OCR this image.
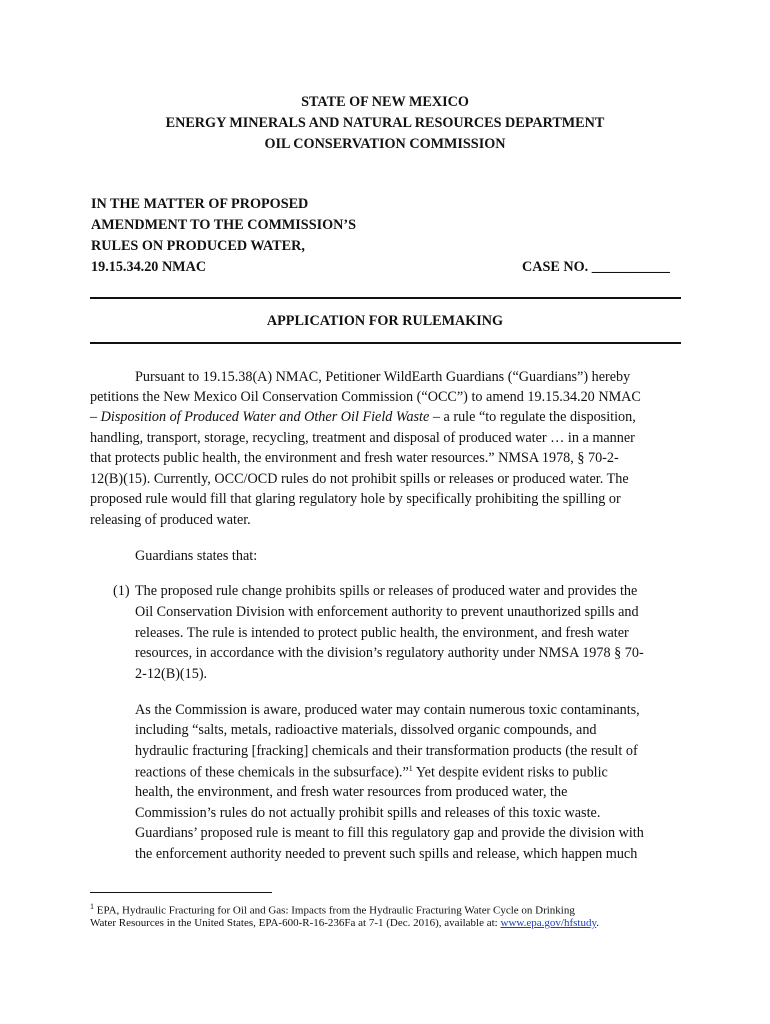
STATE OF NEW MEXICO
ENERGY MINERALS AND NATURAL RESOURCES DEPARTMENT
OIL CONSERVATION COMMISSION
IN THE MATTER OF PROPOSED
AMENDMENT TO THE COMMISSION’S
RULES ON PRODUCED WATER,
19.15.34.20 NMAC	CASE NO. ___________
APPLICATION FOR RULEMAKING
Pursuant to 19.15.38(A) NMAC, Petitioner WildEarth Guardians (“Guardians”) hereby
petitions the New Mexico Oil Conservation Commission (“OCC”) to amend 19.15.34.20 NMAC
– Disposition of Produced Water and Other Oil Field Waste – a rule “to regulate the disposition,
handling, transport, storage, recycling, treatment and disposal of produced water … in a manner
that protects public health, the environment and fresh water resources.” NMSA 1978, § 70-2-
12(B)(15). Currently, OCC/OCD rules do not prohibit spills or releases or produced water. The
proposed rule would fill that glaring regulatory hole by specifically prohibiting the spilling or
releasing of produced water.
Guardians states that:
(1) The proposed rule change prohibits spills or releases of produced water and provides the
Oil Conservation Division with enforcement authority to prevent unauthorized spills and
releases. The rule is intended to protect public health, the environment, and fresh water
resources, in accordance with the division’s regulatory authority under NMSA 1978 § 70-
2-12(B)(15).
As the Commission is aware, produced water may contain numerous toxic contaminants,
including “salts, metals, radioactive materials, dissolved organic compounds, and
hydraulic fracturing [fracking] chemicals and their transformation products (the result of
reactions of these chemicals in the subsurface).”$^1$ Yet despite evident risks to public
health, the environment, and fresh water resources from produced water, the
Commission’s rules do not actually prohibit spills and releases of this toxic waste.
Guardians’ proposed rule is meant to fill this regulatory gap and provide the division with
the enforcement authority needed to prevent such spills and release, which happen much
$^1$ EPA, Hydraulic Fracturing for Oil and Gas: Impacts from the Hydraulic Fracturing Water Cycle on Drinking
Water Resources in the United States, EPA-600-R-16-236Fa at 7-1 (Dec. 2016), available at: www.epa.gov/hfstudy.
